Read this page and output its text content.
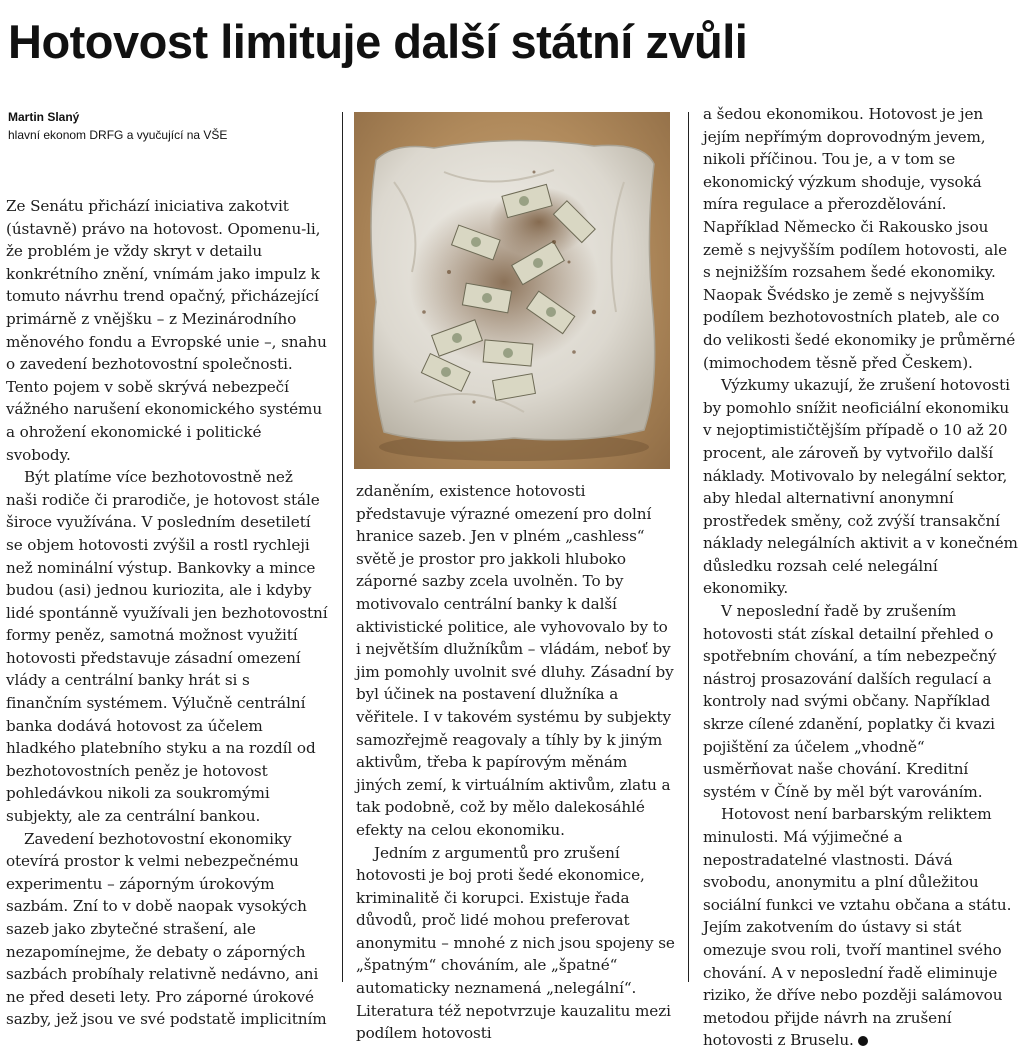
Hotovost limituje další státní zvůli
Martin Slaný
hlavní ekonom DRFG a vyučující na VŠE

Ze Senátu přichází iniciativa zakotvit (ústavně) právo na hotovost. Opomenu-li, že problém je vždy skryt v detailu konkrétního znění, vnímám jako impulz k tomuto návrhu trend opačný, přicházející primárně z vnějšku – z Mezinárodního měnového fondu a Evropské unie –, snahu o zavedení bezhotovostní společnosti. Tento pojem v sobě skrývá nebezpečí vážného narušení ekonomického systému a ohrožení ekonomické i politické svobody.

Být platíme více bezhotovostně než naši rodiče či prarodiče, je hotovost stále široce využívána. V posledním desetiletí se objem hotovosti zvýšil a rostl rychleji než nominální výstup. Bankovky a mince budou (asi) jednou kuriozita, ale i kdyby lidé spontánně využívali jen bezhotovostní formy peněz, samotná možnost využití hotovosti představuje zásadní omezení vlády a centrální banky hrát si s finančním systémem. Výlučně centrální banka dodává hotovost za účelem hladkého platebního styku a na rozdíl od bezhotovostních peněz je hotovost pohledávkou nikoli za soukromými subjekty, ale za centrální bankou.

Zavedení bezhotovostní ekonomiky otevírá prostor k velmi nebezpečnému experimentu – záporným úrokovým sazbám. Zní to v době naopak vysokých sazeb jako zbytečné strašení, ale nezapomínejme, že debaty o záporných sazbách probíhaly relativně nedávno, ani ne před deseti lety. Pro záporné úrokové sazby, jež jsou ve své podstatě implicitním

zdaněním, existence hotovosti představuje výrazné omezení pro dolní hranice sazeb. Jen v plném „cashless“ světě je prostor pro jakkoli hluboko záporné sazby zcela uvolněn. To by motivovalo centrální banky k další aktivistické politice, ale vyhovovalo by to i největším dlužníkům – vládám, neboť by jim pomohly uvolnit své dluhy. Zásadní by byl účinek na postavení dlužníka a věřitele. I v takovém systému by subjekty samozřejmě reagovaly a tíhly by k jiným aktivům, třeba k papírovým měnám jiných zemí, k virtuálním aktivům, zlatu a tak podobně, což by mělo dalekosáhlé efekty na celou ekonomiku.

Jedním z argumentů pro zrušení hotovosti je boj proti šedé ekonomice, kriminalitě či korupci. Existuje řada důvodů, proč lidé mohou preferovat anonymitu – mnohé z nich jsou spojeny se „špatným“ chováním, ale „špatné“ automaticky neznamená „nelegální“. Literatura též nepotvrzuje kauzalitu mezi podílem hotovosti

a šedou ekonomikou. Hotovost je jen jejím nepřímým doprovodným jevem, nikoli příčinou. Tou je, a v tom se ekonomický výzkum shoduje, vysoká míra regulace a přerozdělování. Například Německo či Rakousko jsou země s nejvyšším podílem hotovosti, ale s nejnižším rozsahem šedé ekonomiky. Naopak Švédsko je země s nejvyšším podílem bezhotovostních plateb, ale co do velikosti šedé ekonomiky je průměrné (mimochodem těsně před Českem).

Výzkumy ukazují, že zrušení hotovosti by pomohlo snížit neoficiální ekonomiku v nejoptimističtějším případě o 10 až 20 procent, ale zároveň by vytvořilo další náklady. Motivovalo by nelegální sektor, aby hledal alternativní anonymní prostředek směny, což zvýší transakční náklady nelegálních aktivit a v konečném důsledku rozsah celé nelegální ekonomiky.

V neposlední řadě by zrušením hotovosti stát získal detailní přehled o spotřebním chování, a tím nebezpečný nástroj prosazování dalších regulací a kontroly nad svými občany. Například skrze cílené zdanění, poplatky či kvazi pojištění za účelem „vhodně“ usměrňovat naše chování. Kreditní systém v Číně by měl být varováním.

Hotovost není barbarským reliktem minulosti. Má výjimečné a nepostradatelné vlastnosti. Dává svobodu, anonymitu a plní důležitou sociální funkci ve vztahu občana a státu. Jejím zakotvením do ústavy si stát omezuje svou roli, tvoří mantinel svého chování. A v neposlední řadě eliminuje riziko, že dříve nebo později salámovou metodou přijde návrh na zrušení hotovosti z Bruselu.
